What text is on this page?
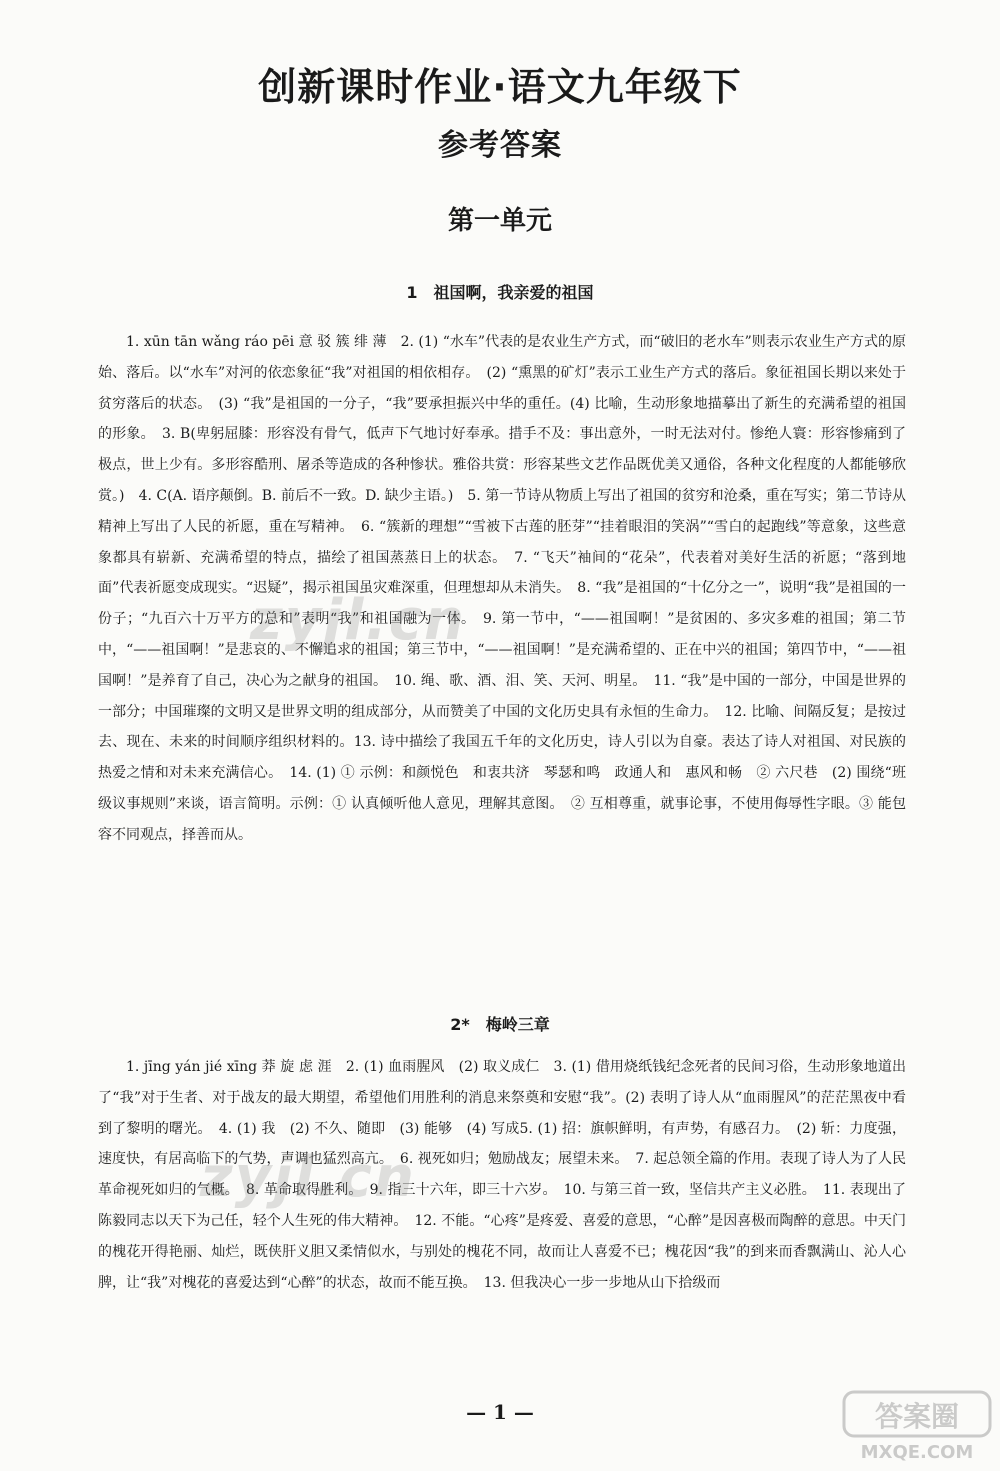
创新课时作业·语文九年级下
参考答案
第一单元
1　祖国啊，我亲爱的祖国
1. xūn tān wǎng ráo pēi 意 驳 簇 绯 薄　2. (1) “水车”代表的是农业生产方式，而“破旧的老水车”则表示农业生产方式的原始、落后。以“水车”对河的依恋象征“我”对祖国的相依相存。　(2) “熏黑的矿灯”表示工业生产方式的落后。象征祖国长期以来处于贫穷落后的状态。　(3) “我”是祖国的一分子，“我”要承担振兴中华的重任。(4) 比喻，生动形象地描摹出了新生的充满希望的祖国的形象。　3. B(卑躬屈膝：形容没有骨气，低声下气地讨好奉承。措手不及：事出意外，一时无法对付。惨绝人寰：形容惨痛到了极点，世上少有。多形容酷刑、屠杀等造成的各种惨状。雅俗共赏：形容某些文艺作品既优美又通俗，各种文化程度的人都能够欣赏。)　4. C(A. 语序颠倒。B. 前后不一致。D. 缺少主语。)　5. 第一节诗从物质上写出了祖国的贫穷和沧桑，重在写实；第二节诗从精神上写出了人民的祈愿，重在写精神。　6. “簇新的理想”“雪被下古莲的胚芽”“挂着眼泪的笑涡”“雪白的起跑线”等意象，这些意象都具有崭新、充满希望的特点，描绘了祖国蒸蒸日上的状态。　7. “飞天”袖间的“花朵”，代表着对美好生活的祈愿；“落到地面”代表祈愿变成现实。“迟疑”，揭示祖国虽灾难深重，但理想却从未消失。　8. “我”是祖国的“十亿分之一”，说明“我”是祖国的一份子；“九百六十万平方的总和”表明“我”和祖国融为一体。　9. 第一节中，“——祖国啊！”是贫困的、多灾多难的祖国；第二节中，“——祖国啊！”是悲哀的、不懈追求的祖国；第三节中，“——祖国啊！”是充满希望的、正在中兴的祖国；第四节中，“——祖国啊！”是养育了自己，决心为之献身的祖国。　10. 绳、歌、酒、泪、笑、天河、明星。　11. “我”是中国的一部分，中国是世界的一部分；中国璀璨的文明又是世界文明的组成部分，从而赞美了中国的文化历史具有永恒的生命力。　12. 比喻、间隔反复；是按过去、现在、未来的时间顺序组织材料的。13. 诗中描绘了我国五千年的文化历史，诗人引以为自豪。表达了诗人对祖国、对民族的热爱之情和对未来充满信心。　14. (1) ① 示例：和颜悦色　和衷共济　琴瑟和鸣　政通人和　惠风和畅　② 六尺巷　(2) 围绕“班级议事规则”来谈，语言简明。示例：① 认真倾听他人意见，理解其意图。　② 互相尊重，就事论事，不使用侮辱性字眼。③ 能包容不同观点，择善而从。
2*　梅岭三章
1. jīng yán jié xīng 莽 旋 虑 涯　2. (1) 血雨腥风　(2) 取义成仁　3. (1) 借用烧纸钱纪念死者的民间习俗，生动形象地道出了“我”对于生者、对于战友的最大期望，希望他们用胜利的消息来祭奠和安慰“我”。(2) 表明了诗人从“血雨腥风”的茫茫黑夜中看到了黎明的曙光。　4. (1) 我　(2) 不久、随即　(3) 能够　(4) 写成5. (1) 招：旗帜鲜明，有声势，有感召力。　(2) 斩：力度强，速度快，有居高临下的气势，声调也猛烈高亢。　6. 视死如归；勉励战友；展望未来。　7. 起总领全篇的作用。表现了诗人为了人民革命视死如归的气概。　8. 革命取得胜利。　9. 指三十六年，即三十六岁。　10. 与第三首一致，坚信共产主义必胜。　11. 表现出了陈毅同志以天下为己任，轻个人生死的伟大精神。　12. 不能。“心疼”是疼爱、喜爱的意思，“心醉”是因喜极而陶醉的意思。中天门的槐花开得艳丽、灿烂，既侠肝义胆又柔情似水，与别处的槐花不同，故而让人喜爱不已；槐花因“我”的到来而香飘满山、沁人心脾，让“我”对槐花的喜爱达到“心醉”的状态，故而不能互换。　13. 但我决心一步一步地从山下拾级而
zyjl.cn
zyjl.cn
— 1 —	答案圈
MXQE.COM
